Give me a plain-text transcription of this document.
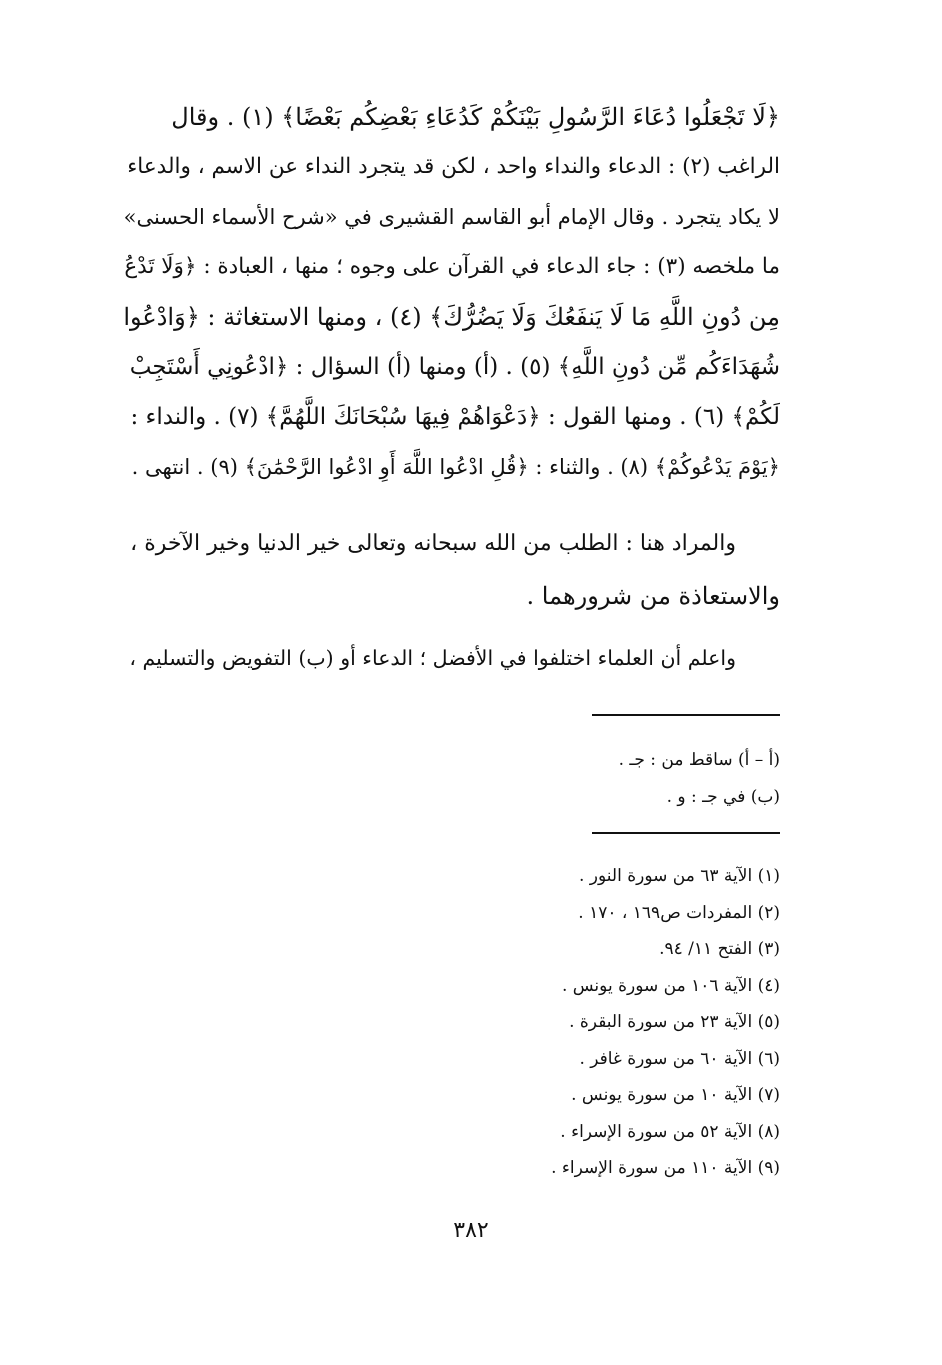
﴿لَا تَجْعَلُوا دُعَاءَ الرَّسُولِ بَيْنَكُمْ كَدُعَاءِ بَعْضِكُم بَعْضًا﴾ (١) . وقال
الراغب (٢) : الدعاء والنداء واحد ، لكن قد يتجرد النداء عن الاسم ، والدعاء
لا يكاد يتجرد . وقال الإمام أبو القاسم القشيرى في «شرح الأسماء الحسنى»
ما ملخصه (٣) : جاء الدعاء في القرآن على وجوه ؛ منها ، العبادة : ﴿وَلَا تَدْعُ
مِن دُونِ اللَّهِ مَا لَا يَنفَعُكَ وَلَا يَضُرُّكَ﴾ (٤) ، ومنها الاستغاثة : ﴿وَادْعُوا
شُهَدَاءَكُم مِّن دُونِ اللَّهِ﴾ (٥) . (أ) ومنها (أ) السؤال : ﴿ادْعُونِي أَسْتَجِبْ
لَكُمْ﴾ (٦) . ومنها القول : ﴿دَعْوَاهُمْ فِيهَا سُبْحَانَكَ اللَّهُمَّ﴾ (٧) . والنداء :
﴿يَوْمَ يَدْعُوكُمْ﴾ (٨) . والثناء : ﴿قُلِ ادْعُوا اللَّهَ أَوِ ادْعُوا الرَّحْمَٰنَ﴾ (٩) . انتهى .
والمراد هنا : الطلب من الله سبحانه وتعالى خير الدنيا وخير الآخرة ،
والاستعاذة من شرورهما .
واعلم أن العلماء اختلفوا في الأفضل ؛ الدعاء أو (ب) التفويض والتسليم ،
(أ – أ) ساقط من : جـ .
(ب) في جـ : و .
(١) الآية ٦٣ من سورة النور .
(٢) المفردات ص١٦٩ ، ١٧٠ .
(٣) الفتح ١١/ ٩٤.
(٤) الآية ١٠٦ من سورة يونس .
(٥) الآية ٢٣ من سورة البقرة .
(٦) الآية ٦٠ من سورة غافر .
(٧) الآية ١٠ من سورة يونس .
(٨) الآية ٥٢ من سورة الإسراء .
(٩) الآية ١١٠ من سورة الإسراء .
٣٨٢
